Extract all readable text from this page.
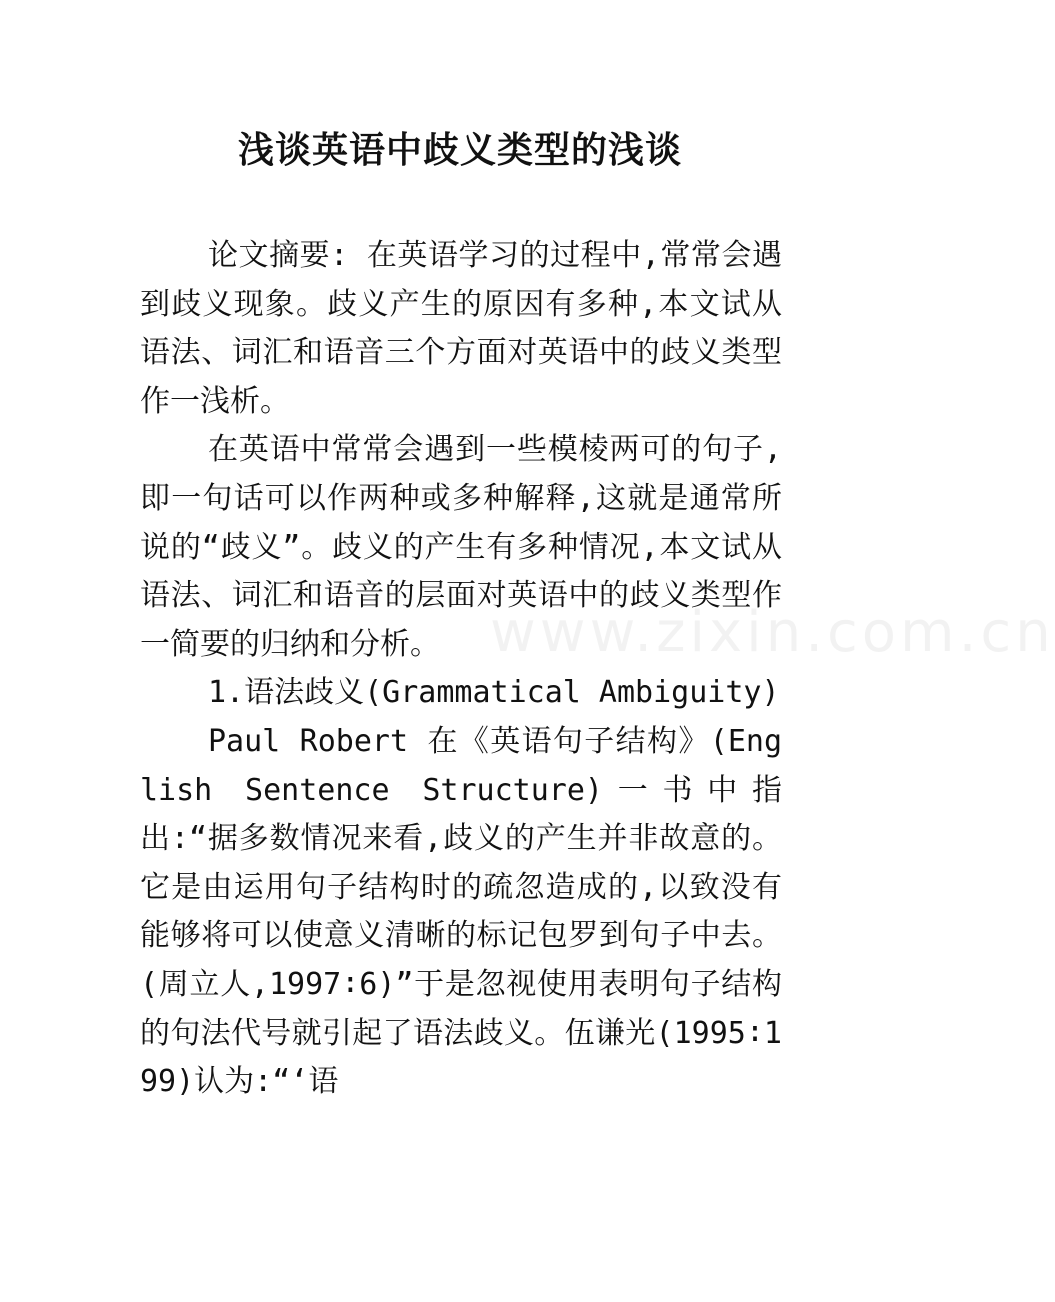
浅谈英语中歧义类型的浅谈

论文摘要: 在英语学习的过程中,常常会遇到歧义现象。歧义产生的原因有多种,本文试从语法、词汇和语音三个方面对英语中的歧义类型作一浅析。

在英语中常常会遇到一些模棱两可的句子,即一句话可以作两种或多种解释,这就是通常所说的“歧义”。歧义的产生有多种情况,本文试从语法、词汇和语音的层面对英语中的歧义类型作一简要的归纳和分析。

1.语法歧义(Grammatical Ambiguity)

Paul Robert 在《英语句子结构》(English Sentence Structure)一书中指出:“据多数情况来看,歧义的产生并非故意的。它是由运用句子结构时的疏忽造成的,以致没有能够将可以使意义清晰的标记包罗到句子中去。(周立人,1997∶6)”于是忽视使用表明句子结构的句法代号就引起了语法歧义。伍谦光(1995∶199)认为:“‘语

www.zixin.com.cn
